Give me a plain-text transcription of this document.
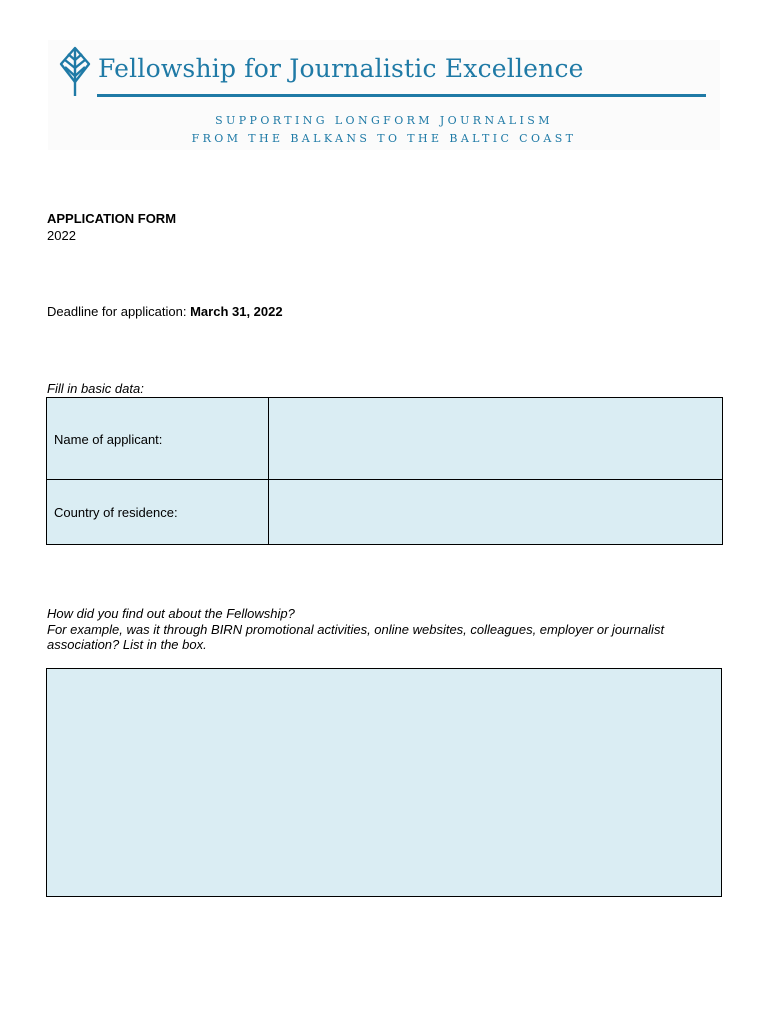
Fellowship for Journalistic Excellence
SUPPORTING LONGFORM JOURNALISM
FROM THE BALKANS TO THE BALTIC COAST
APPLICATION FORM
2022
Deadline for application: March 31, 2022
Fill in basic data:
Name of applicant:
Country of residence:
How did you find out about the Fellowship?
For example, was it through BIRN promotional activities, online websites, colleagues, employer or journalist association? List in the box.
